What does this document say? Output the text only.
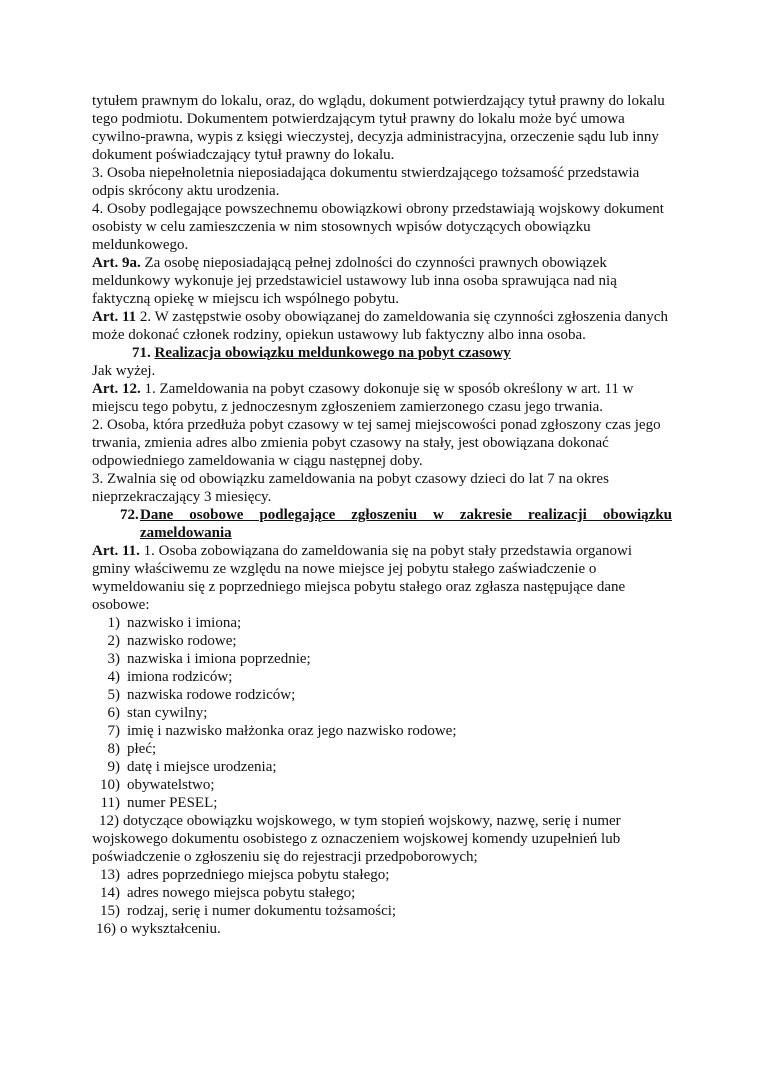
tytułem prawnym do lokalu, oraz, do wglądu, dokument potwierdzający tytuł prawny do lokalu tego podmiotu. Dokumentem potwierdzającym tytuł prawny do lokalu może być umowa cywilno-prawna, wypis z księgi wieczystej, decyzja administracyjna, orzeczenie sądu lub inny dokument poświadczający tytuł prawny do lokalu.

3. Osoba niepełnoletnia nieposiadająca dokumentu stwierdzającego tożsamość przedstawia odpis skrócony aktu urodzenia.

4. Osoby podlegające powszechnemu obowiązkowi obrony przedstawiają wojskowy dokument osobisty w celu zamieszczenia w nim stosownych wpisów dotyczących obowiązku meldunkowego.

Art. 9a. Za osobę nieposiadającą pełnej zdolności do czynności prawnych obowiązek meldunkowy wykonuje jej przedstawiciel ustawowy lub inna osoba sprawująca nad nią faktyczną opiekę w miejscu ich wspólnego pobytu.

Art. 11 2. W zastępstwie osoby obowiązanej do zameldowania się czynności zgłoszenia danych może dokonać członek rodziny, opiekun ustawowy lub faktyczny albo inna osoba.

71. Realizacja obowiązku meldunkowego na pobyt czasowy

Jak wyżej.

Art. 12. 1. Zameldowania na pobyt czasowy dokonuje się w sposób określony w art. 11 w miejscu tego pobytu, z jednoczesnym zgłoszeniem zamierzonego czasu jego trwania.

2. Osoba, która przedłuża pobyt czasowy w tej samej miejscowości ponad zgłoszony czas jego trwania, zmienia adres albo zmienia pobyt czasowy na stały, jest obowiązana dokonać odpowiedniego zameldowania w ciągu następnej doby.

3. Zwalnia się od obowiązku zameldowania na pobyt czasowy dzieci do lat 7 na okres nieprzekraczający 3 miesięcy.

72. Dane osobowe podlegające zgłoszeniu w zakresie realizacji obowiązku zameldowania

Art. 11. 1. Osoba zobowiązana do zameldowania się na pobyt stały przedstawia organowi gminy właściwemu ze względu na nowe miejsce jej pobytu stałego zaświadczenie o wymeldowaniu się z poprzedniego miejsca pobytu stałego oraz zgłasza następujące dane osobowe:

1) nazwisko i imiona;
2) nazwisko rodowe;
3) nazwiska i imiona poprzednie;
4) imiona rodziców;
5) nazwiska rodowe rodziców;
6) stan cywilny;
7) imię i nazwisko małżonka oraz jego nazwisko rodowe;
8) płeć;
9) datę i miejsce urodzenia;
10) obywatelstwo;
11) numer PESEL;
12) dotyczące obowiązku wojskowego, w tym stopień wojskowy, nazwę, serię i numer wojskowego dokumentu osobistego z oznaczeniem wojskowej komendy uzupełnień lub poświadczenie o zgłoszeniu się do rejestracji przedpoborowych;
13) adres poprzedniego miejsca pobytu stałego;
14) adres nowego miejsca pobytu stałego;
15) rodzaj, serię i numer dokumentu tożsamości;
16) o wykształceniu.
